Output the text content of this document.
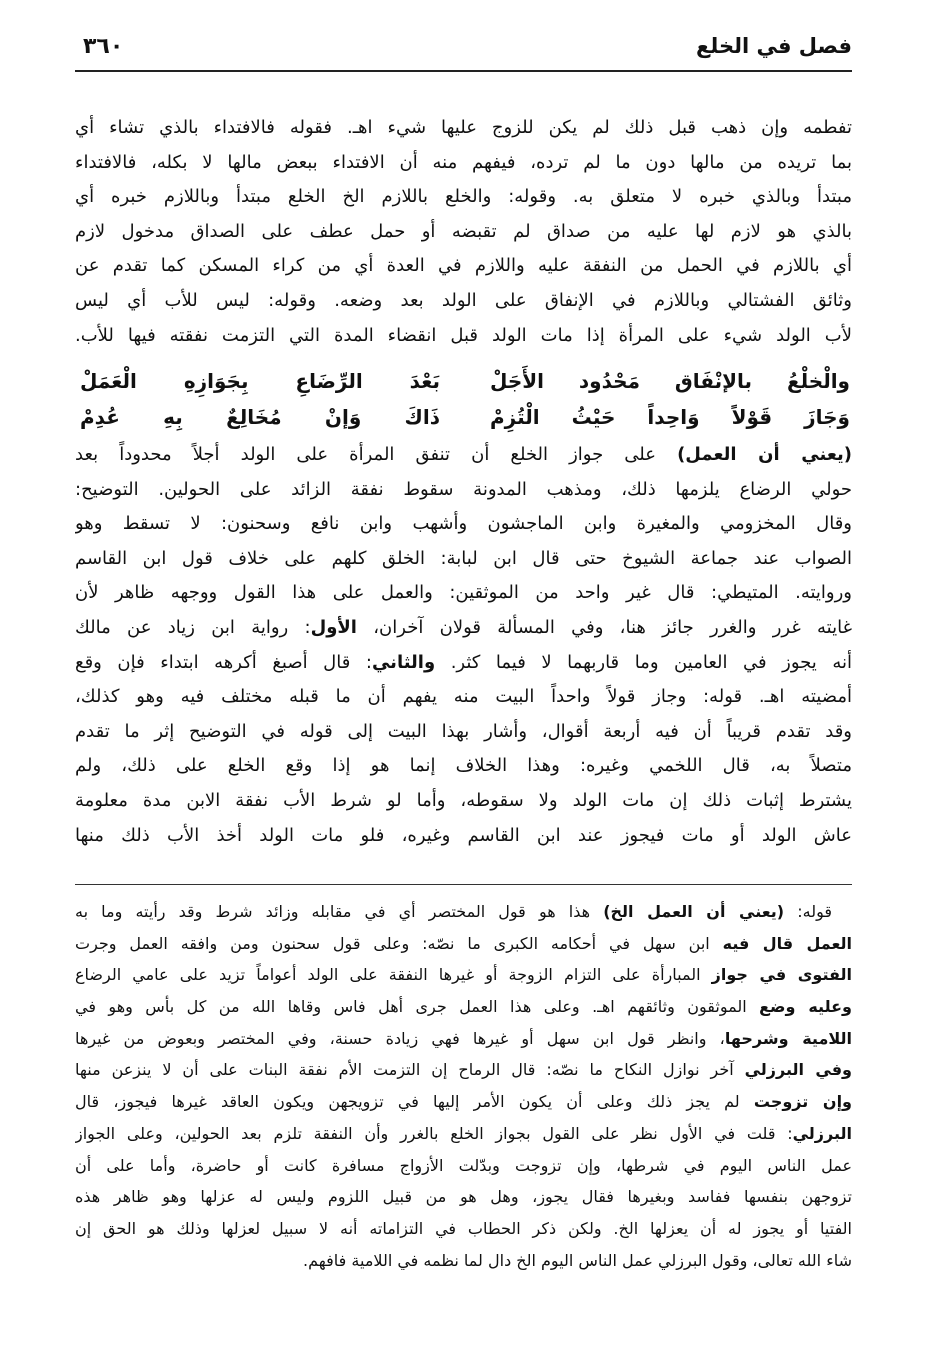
٣٦٠	فصل في الخلع
تفطمه وإن ذهب قبل ذلك لم يكن للزوج عليها شيء اهـ. فقوله فالافتداء بالذي تشاء أي
بما تريده من مالها دون ما لم ترده، فيفهم منه أن الافتداء ببعض مالها لا بكله، فالافتداء
مبتدأ وبالذي خبره لا متعلق به. وقوله: والخلع باللازم الخ الخلع مبتدأ وباللازم خبره أي
بالذي هو لازم لها عليه من صداق لم تقبضه أو حمل عطف على الصداق مدخول لازم
أي باللازم في الحمل من النفقة عليه واللازم في العدة أي من كراء المسكن كما تقدم عن
وثائق الفشتالي وباللازم في الإنفاق على الولد بعد وضعه. وقوله: ليس للأب أي ليس
لأب الولد شيء على المرأة إذا مات الولد قبل انقضاء المدة التي التزمت نفقته فيها للأب.
والْخلْعُ بالإنْفَاق مَحْدُود الأَجَلْ
بَعْدَ الرِّضَاعِ بِجَوَازِهِ الْعَمَلْ
وَجَازَ قَوْلاً وَاحِداً حَيْثُ الْتُزِمْ
ذَاكَ وَإنْ مُخَالِعٌ بِهِ عُدِمْ
(يعني أن العمل) على جواز الخلع أن تنفق المرأة على الولد أجلاً محدوداً بعد
حولي الرضاع يلزمها ذلك، ومذهب المدونة سقوط نفقة الزائد على الحولين. التوضيح:
وقال المخزومي والمغيرة وابن الماجشون وأشهب وابن نافع وسحنون: لا تسقط وهو
الصواب عند جماعة الشيوخ حتى قال ابن لبابة: الخلق كلهم على خلاف قول ابن القاسم
وروايته. المتيطي: قال غير واحد من الموثقين: والعمل على هذا القول ووجهه ظاهر لأن
غايته غرر والغرر جائز هنا، وفي المسألة قولان آخران، الأول: رواية ابن زياد عن مالك
أنه يجوز في العامين وما قاربهما لا فيما كثر. والثاني: قال أصبغ أكرهه ابتداء فإن وقع
أمضيته اهـ. قوله: وجاز قولاً واحداً البيت منه يفهم أن ما قبله مختلف فيه وهو كذلك،
وقد تقدم قريباً أن فيه أربعة أقوال، وأشار بهذا البيت إلى قوله في التوضيح إثر ما تقدم
متصلاً به، قال اللخمي وغيره: وهذا الخلاف إنما هو إذا وقع الخلع على ذلك، ولم
يشترط إثبات ذلك إن مات الولد ولا سقوطه، وأما لو شرط الأب نفقة الابن مدة معلومة
عاش الولد أو مات فيجوز عند ابن القاسم وغيره، فلو مات الولد أخذ الأب ذلك منها
قوله: (يعني أن العمل الخ) هذا هو قول المختصر أي في مقابله وزائد شرط وقد رأيته وما به
العمل قال فيه ابن سهل في أحكامه الكبرى ما نصّه: وعلى قول سحنون ومن وافقه العمل وجرت
الفتوى في جواز المبارأة على التزام الزوجة أو غيرها النفقة على الولد أعواماً تزيد على عامي الرضاع
وعليه وضع الموثقون وثائقهم اهـ. وعلى هذا العمل جرى أهل فاس وقاها الله من كل بأس وهو في
اللامية وشرحها، وانظر قول ابن سهل أو غيرها فهي زيادة حسنة، وفي المختصر وبعوض من غيرها
وفي البرزلي آخر نوازل النكاح ما نصّه: قال الرماح إن التزمت الأم نفقة البنات على أن لا ينزعن منها
وإن تزوجت لم يجز ذلك وعلى أن يكون الأمر إليها في تزويجهن ويكون العاقد غيرها فيجوز، قال
البرزلي: قلت في الأول نظر على القول بجواز الخلع بالغرر وأن النفقة تلزم بعد الحولين، وعلى الجواز
عمل الناس اليوم في شرطها، وإن تزوجت وبدّلت الأزواج مسافرة كانت أو حاضرة، وأما على أن
تزوجهن بنفسها ففاسد وبغيرها فقال يجوز، وهل هو من قبيل اللزوم وليس له عزلها وهو ظاهر هذه
الفتيا أو يجوز له أن يعزلها الخ. ولكن ذكر الحطاب في التزاماته أنه لا سبيل لعزلها وذلك هو الحق إن
شاء الله تعالى، وقول البرزلي عمل الناس اليوم الخ دال لما نظمه في اللامية فافهم.
